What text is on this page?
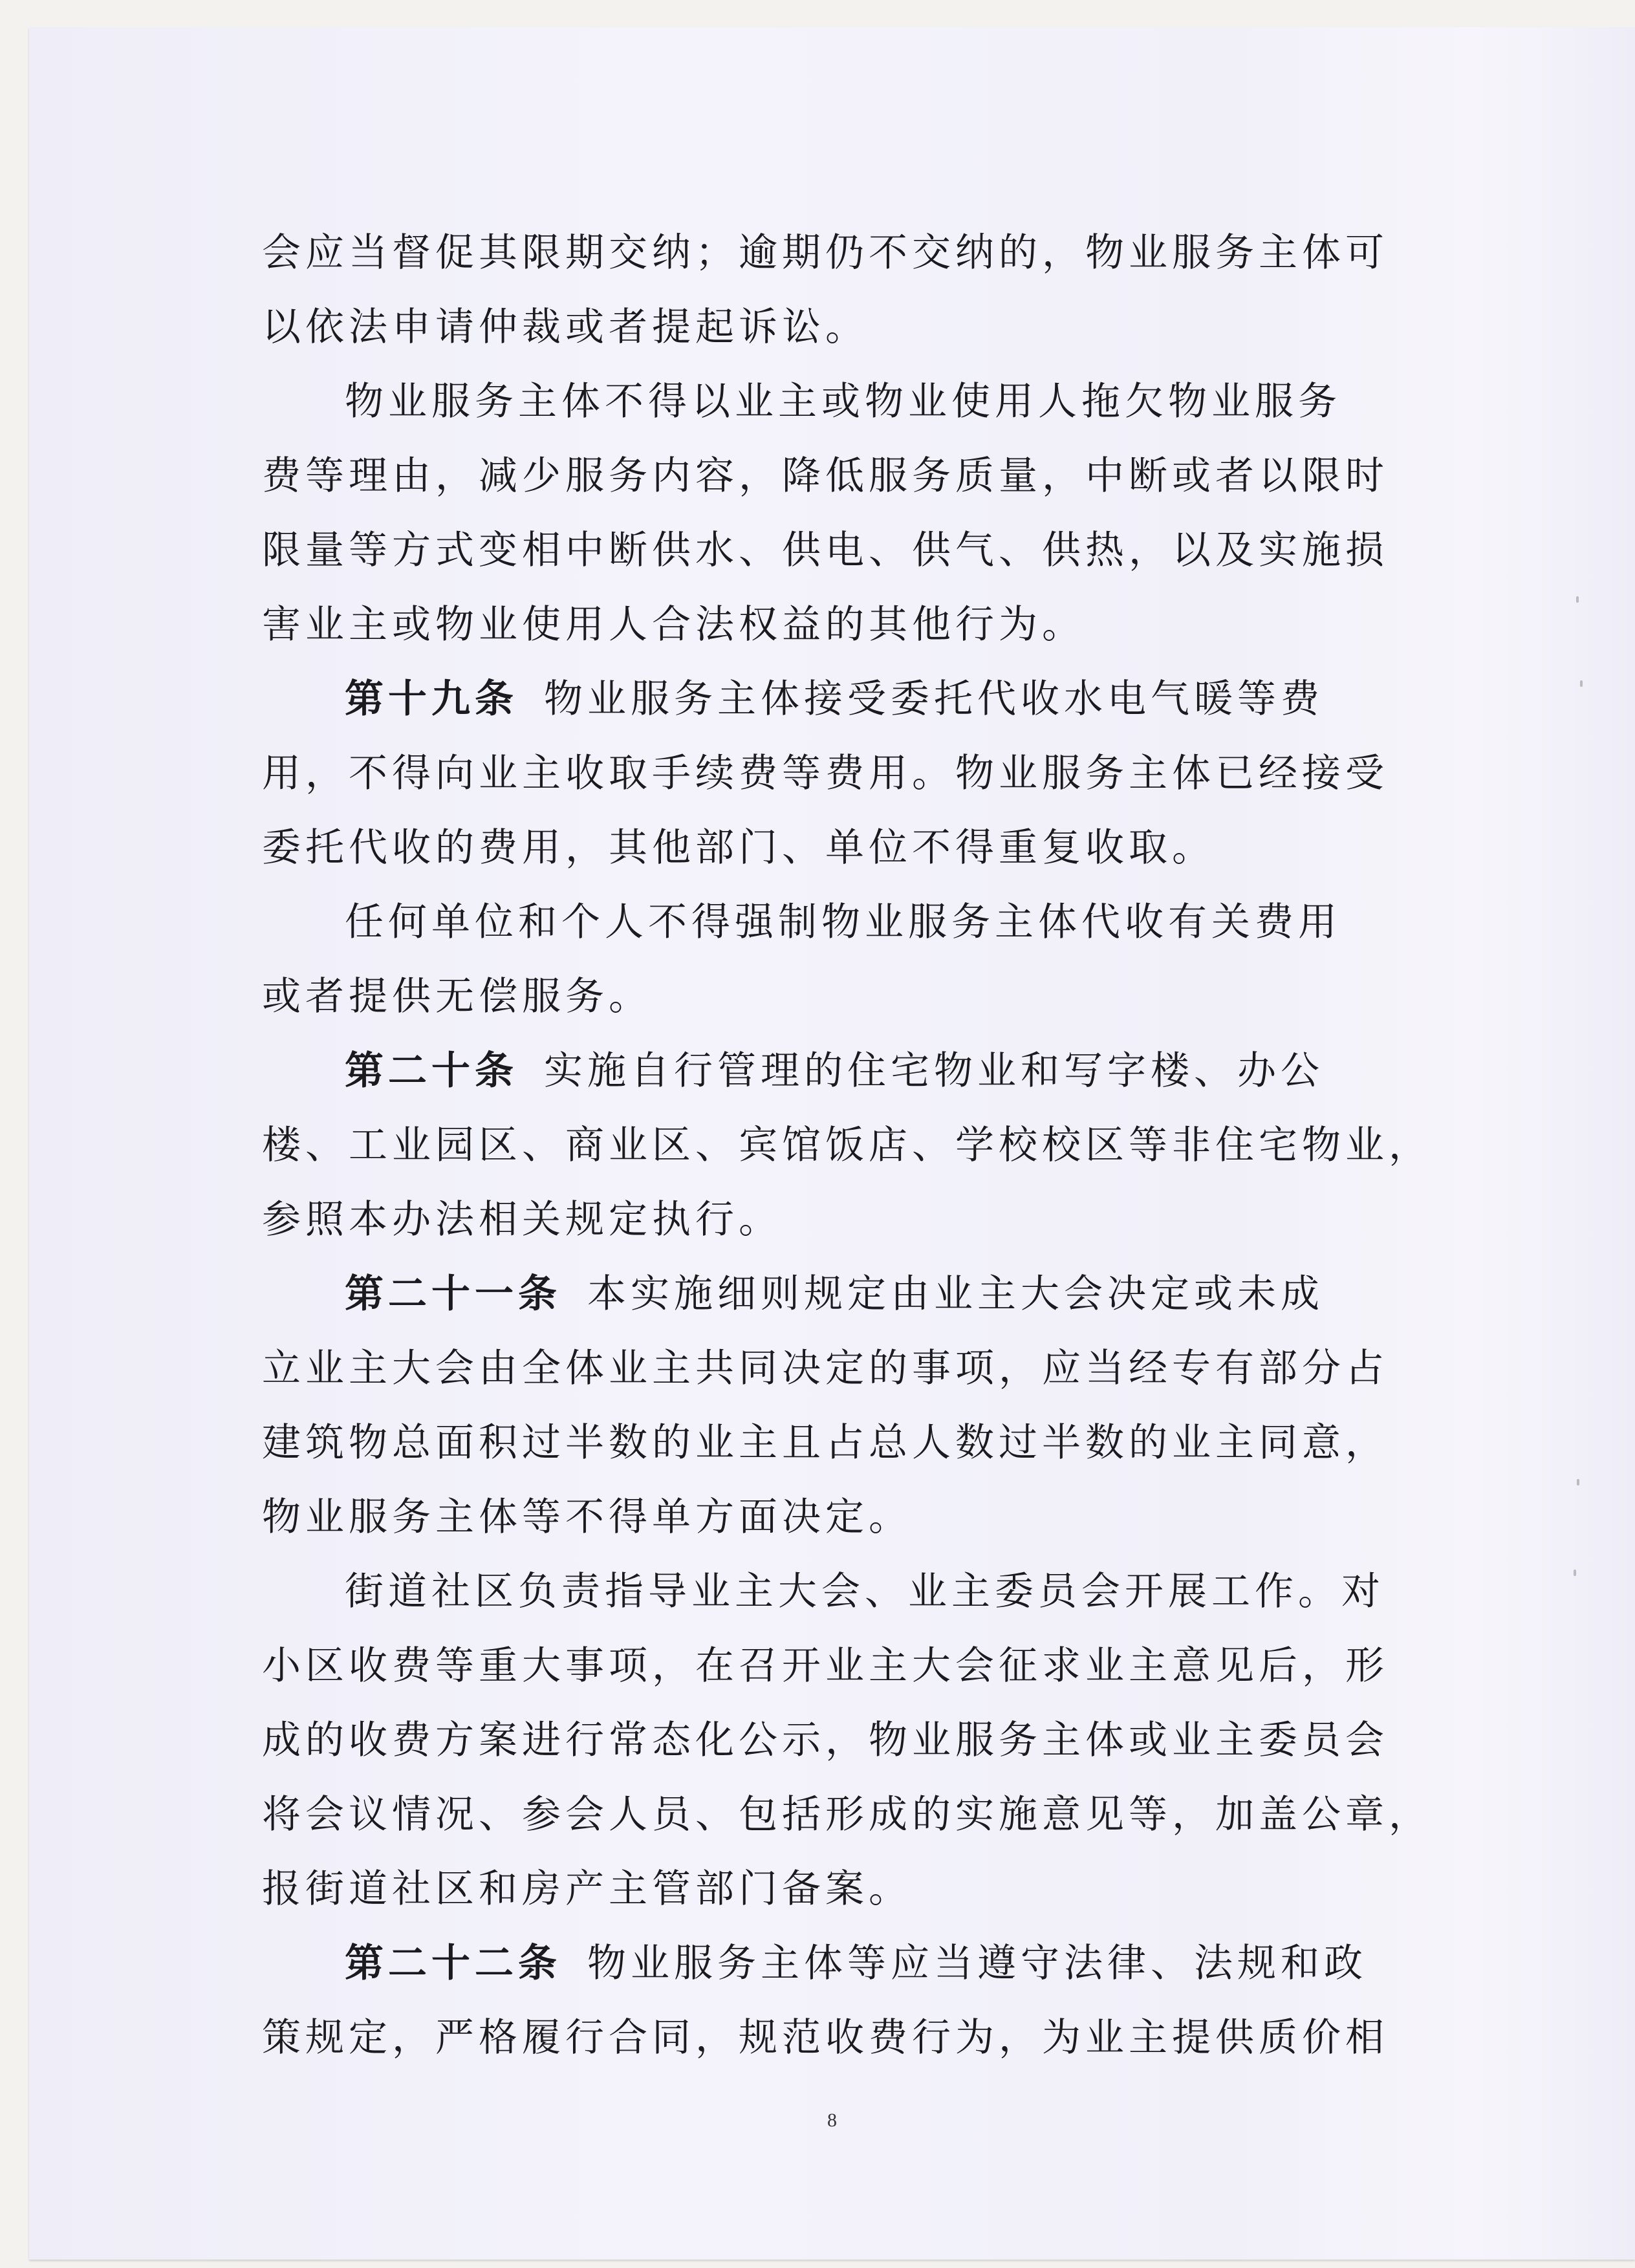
会应当督促其限期交纳；逾期仍不交纳的，物业服务主体可
以依法申请仲裁或者提起诉讼。
物业服务主体不得以业主或物业使用人拖欠物业服务
费等理由，减少服务内容，降低服务质量，中断或者以限时
限量等方式变相中断供水、供电、供气、供热，以及实施损
害业主或物业使用人合法权益的其他行为。
第十九条 物业服务主体接受委托代收水电气暖等费
用，不得向业主收取手续费等费用。物业服务主体已经接受
委托代收的费用，其他部门、单位不得重复收取。
任何单位和个人不得强制物业服务主体代收有关费用
或者提供无偿服务。
第二十条 实施自行管理的住宅物业和写字楼、办公
楼、工业园区、商业区、宾馆饭店、学校校区等非住宅物业，
参照本办法相关规定执行。
第二十一条 本实施细则规定由业主大会决定或未成
立业主大会由全体业主共同决定的事项，应当经专有部分占
建筑物总面积过半数的业主且占总人数过半数的业主同意，
物业服务主体等不得单方面决定。
街道社区负责指导业主大会、业主委员会开展工作。对
小区收费等重大事项，在召开业主大会征求业主意见后，形
成的收费方案进行常态化公示，物业服务主体或业主委员会
将会议情况、参会人员、包括形成的实施意见等，加盖公章，
报街道社区和房产主管部门备案。
第二十二条 物业服务主体等应当遵守法律、法规和政
策规定，严格履行合同，规范收费行为，为业主提供质价相
8
